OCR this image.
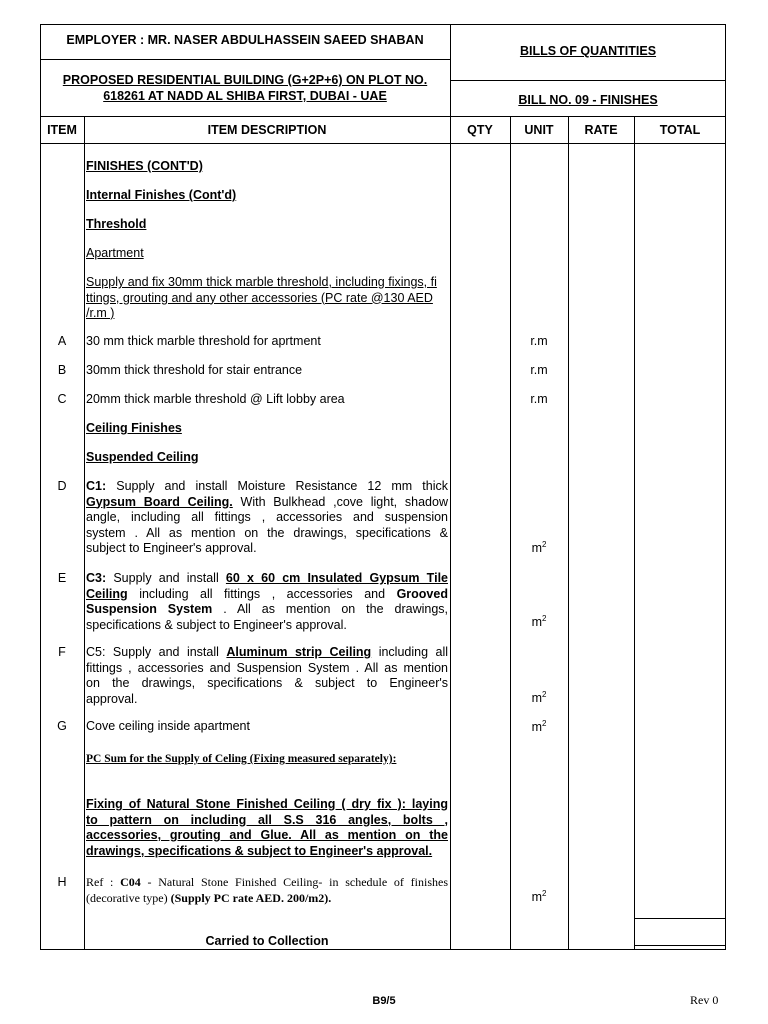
EMPLOYER : MR. NASER ABDULHASSEIN SAEED SHABAN
PROPOSED RESIDENTIAL BUILDING (G+2P+6) ON PLOT NO.
618261 AT NADD AL SHIBA FIRST, DUBAI - UAE
BILLS OF QUANTITIES
BILL NO. 09 - FINISHES
ITEM	ITEM DESCRIPTION	QTY	UNIT	RATE	TOTAL
FINISHES (CONT'D)
Internal Finishes (Cont'd)
Threshold
Apartment
Supply and fix 30mm thick marble threshold, including fixings, fi
ttings, grouting and any other accessories (PC rate @130 AED
/r.m )
A	30 mm thick marble threshold for aprtment	r.m
B	30mm thick threshold for stair entrance	r.m
C	20mm thick marble threshold @ Lift lobby area	r.m
Ceiling Finishes
Suspended Ceiling
D	C1: Supply and install Moisture Resistance 12 mm thick
Gypsum Board Ceiling. With Bulkhead ,cove light, shadow
angle, including all fittings , accessories and suspension
system . All as mention on the drawings, specifications &
subject to Engineer's approval.	$m^2$
E	C3: Supply and install 60 x 60 cm Insulated Gypsum Tile
Ceiling including all fittings , accessories and Grooved
Suspension System . All as mention on the drawings,
specifications & subject to Engineer's approval.	$m^2$
F	C5: Supply and install Aluminum strip Ceiling including all
fittings , accessories and Suspension System . All as mention
on the drawings, specifications & subject to Engineer's
approval.	$m^2$
G	Cove ceiling inside apartment	$m^2$
PC Sum for the Supply of Celing (Fixing measured separately):
Fixing of Natural Stone Finished Ceiling ( dry fix ): laying
to pattern on including all S.S 316 angles, bolts ,
accessories, grouting and Glue. All as mention on the
drawings, specifications & subject to Engineer's approval.
H	Ref : C04 - Natural Stone Finished Ceiling- in schedule of finishes
(decorative type) (Supply PC rate AED. 200/m2).	$m^2$
Carried to Collection
B9/5	Rev 0
